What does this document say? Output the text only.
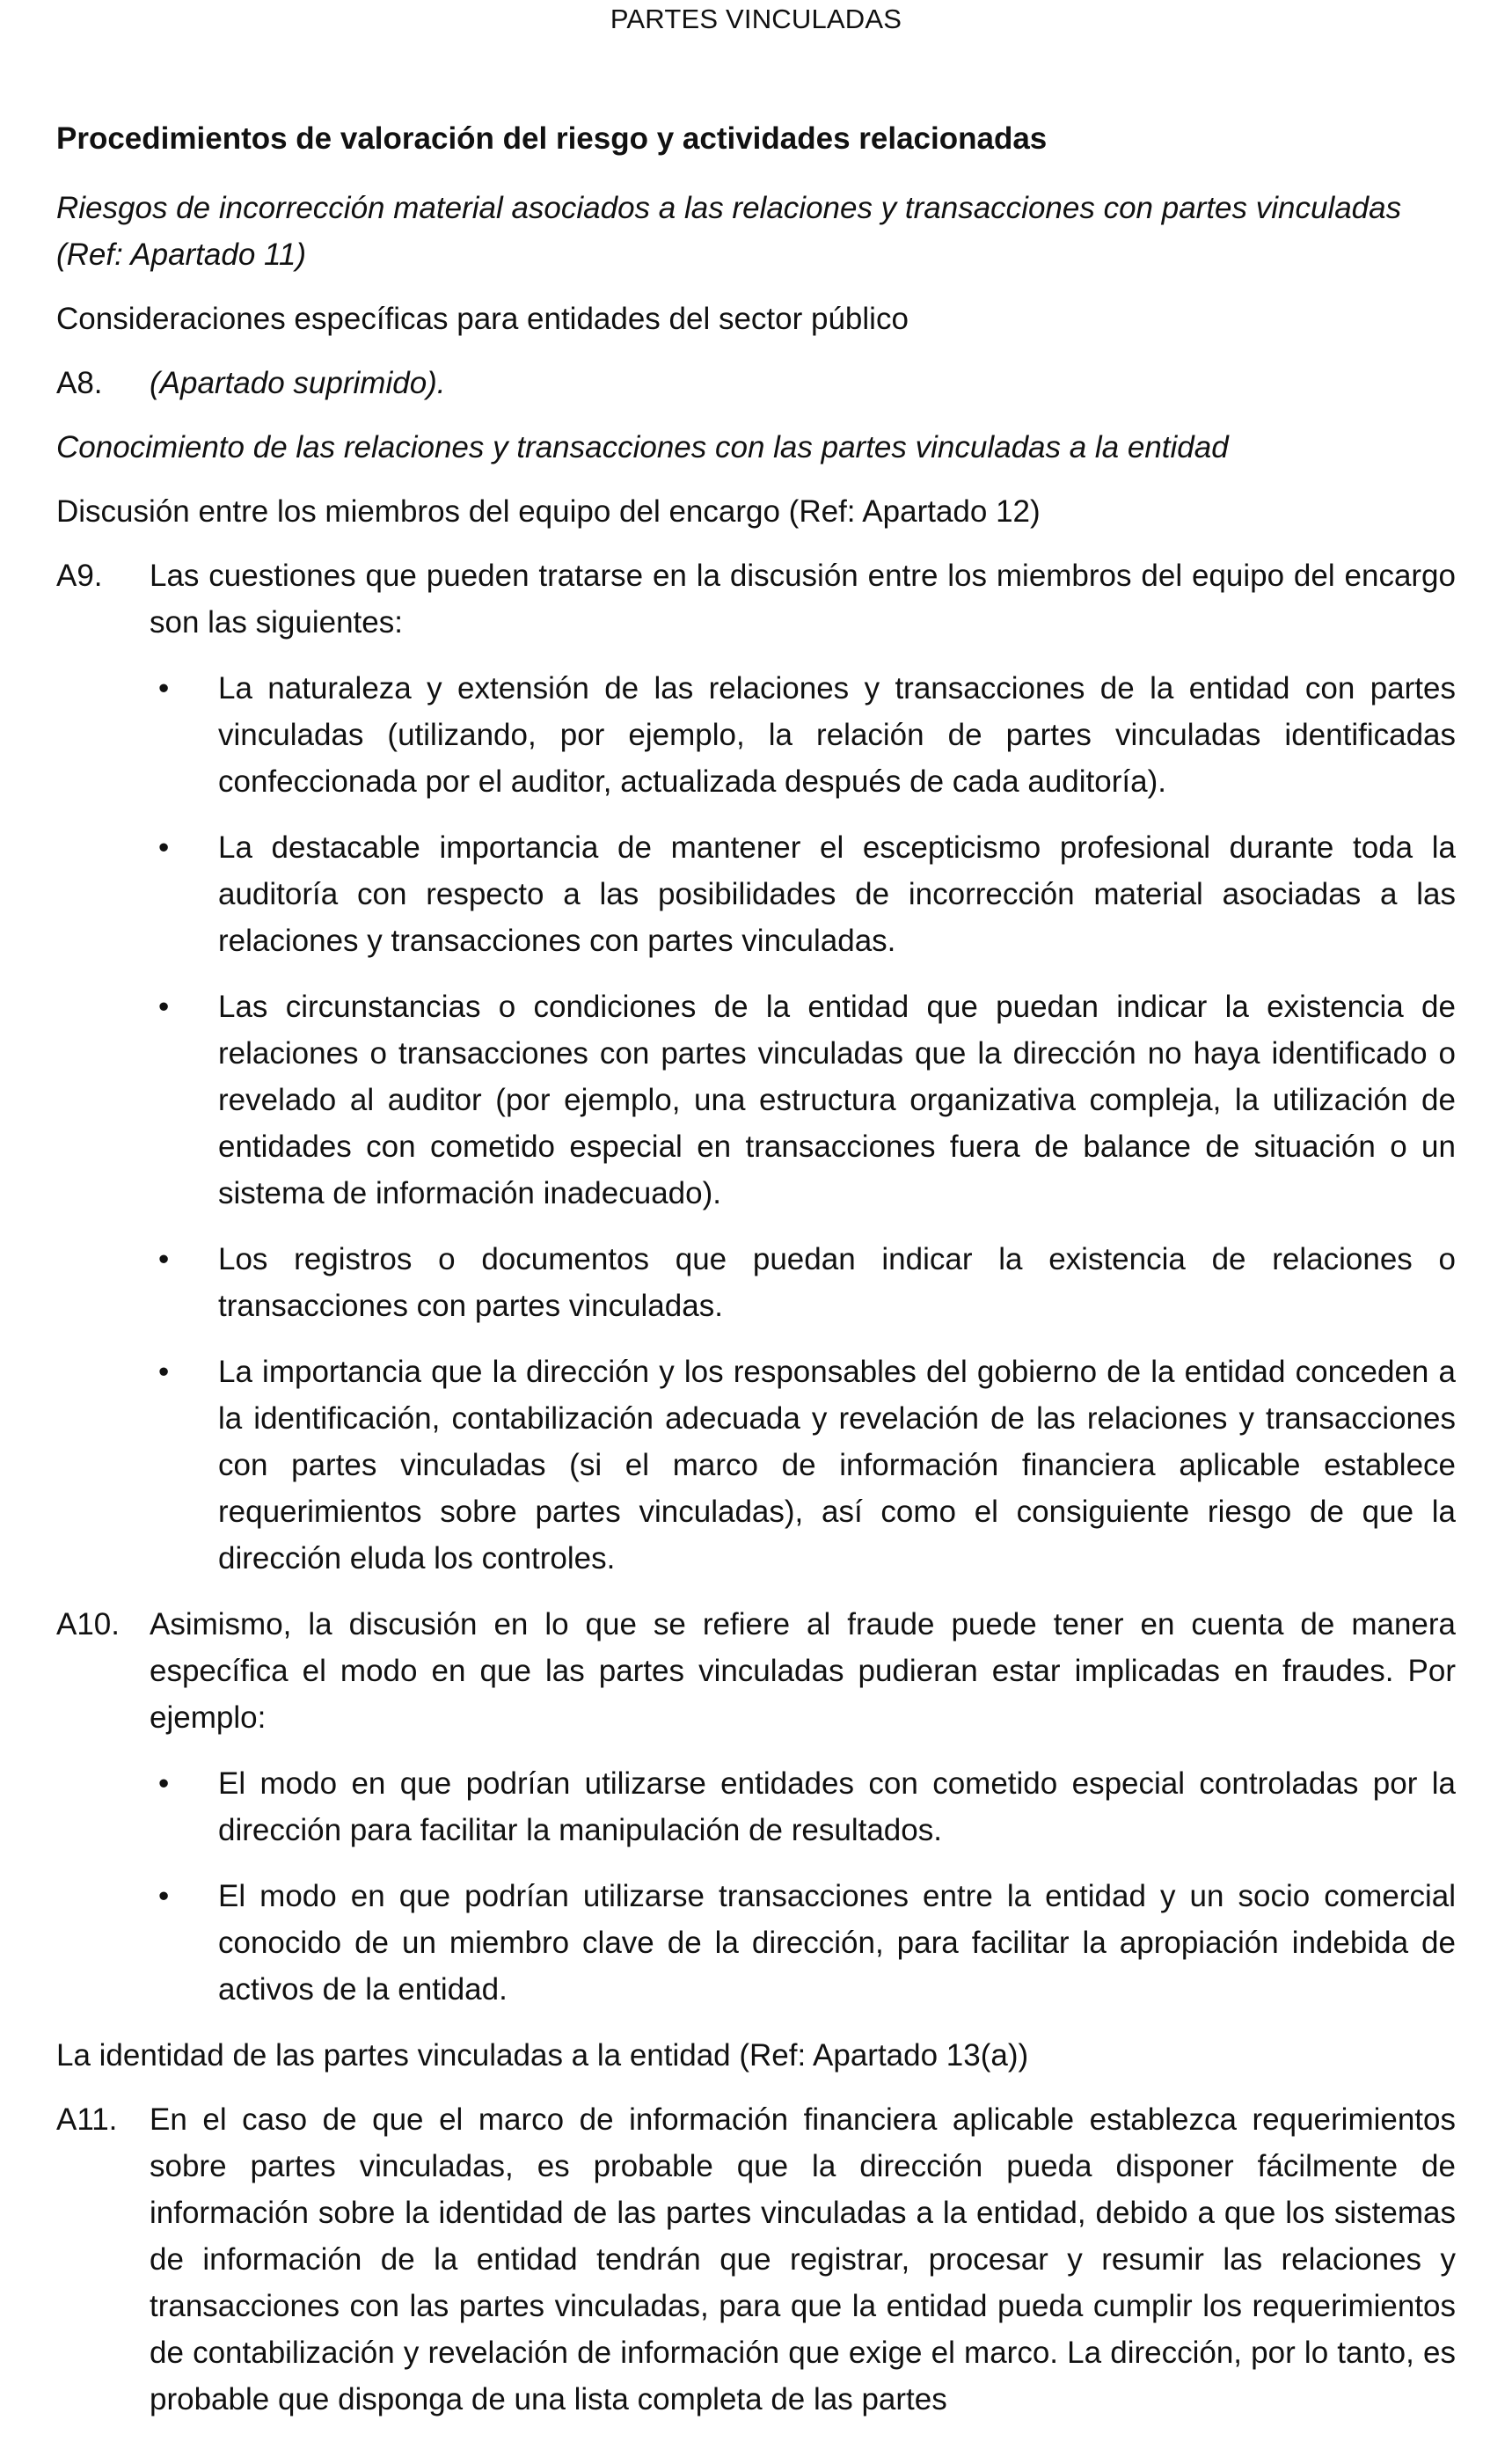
PARTES VINCULADAS
Procedimientos de valoración del riesgo y actividades relacionadas
Riesgos de incorrección material asociados a las relaciones y transacciones con partes vinculadas (Ref: Apartado 11)
Consideraciones específicas para entidades del sector público
A8.	(Apartado suprimido).
Conocimiento de las relaciones y transacciones con las partes vinculadas a la entidad
Discusión entre los miembros del equipo del encargo (Ref: Apartado 12)
A9.	Las cuestiones que pueden tratarse en la discusión entre los miembros del equipo del encargo son las siguientes:
•	La naturaleza y extensión de las relaciones y transacciones de la entidad con partes vinculadas (utilizando, por ejemplo, la relación de partes vinculadas identificadas confeccionada por el auditor, actualizada después de cada auditoría).
•	La destacable importancia de mantener el escepticismo profesional durante toda la auditoría con respecto a las posibilidades de incorrección material asociadas a las relaciones y transacciones con partes vinculadas.
•	Las circunstancias o condiciones de la entidad que puedan indicar la existencia de relaciones o transacciones con partes vinculadas que la dirección no haya identificado o revelado al auditor (por ejemplo, una estructura organizativa compleja, la utilización de entidades con cometido especial en transacciones fuera de balance de situación o un sistema de información inadecuado).
•	Los registros o documentos que puedan indicar la existencia de relaciones o transacciones con partes vinculadas.
•	La importancia que la dirección y los responsables del gobierno de la entidad conceden a la identificación, contabilización adecuada y revelación de las relaciones y transacciones con partes vinculadas (si el marco de información financiera aplicable establece requerimientos sobre partes vinculadas), así como el consiguiente riesgo de que la dirección eluda los controles.
A10. Asimismo, la discusión en lo que se refiere al fraude puede tener en cuenta de manera específica el modo en que las partes vinculadas pudieran estar implicadas en fraudes. Por ejemplo:
•	El modo en que podrían utilizarse entidades con cometido especial controladas por la dirección para facilitar la manipulación de resultados.
•	El modo en que podrían utilizarse transacciones entre la entidad y un socio comercial conocido de un miembro clave de la dirección, para facilitar la apropiación indebida de activos de la entidad.
La identidad de las partes vinculadas a la entidad (Ref: Apartado 13(a))
A11.	En el caso de que el marco de información financiera aplicable establezca requerimientos sobre partes vinculadas, es probable que la dirección pueda disponer fácilmente de información sobre la identidad de las partes vinculadas a la entidad, debido a que los sistemas de información de la entidad tendrán que registrar, procesar y resumir las relaciones y transacciones con las partes vinculadas, para que la entidad pueda cumplir los requerimientos de contabilización y revelación de información que exige el marco. La dirección, por lo tanto, es probable que disponga de una lista completa de las partes
